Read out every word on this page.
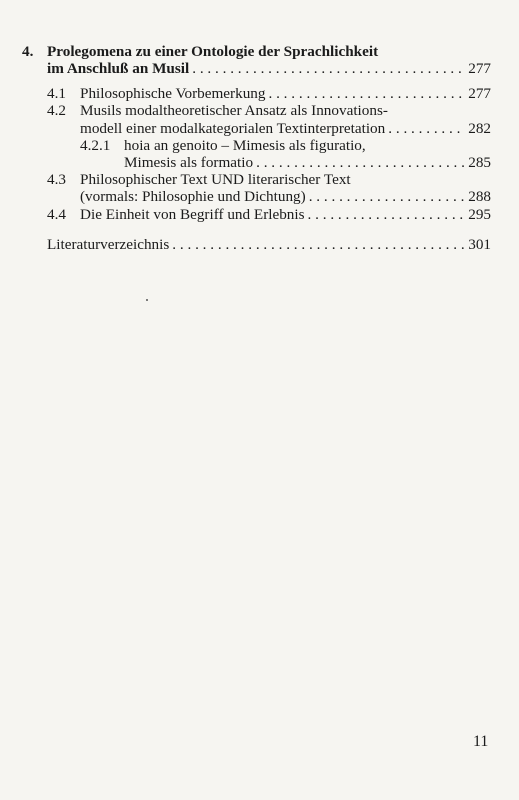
4. Prolegomena zu einer Ontologie der Sprachlichkeit
im Anschluß an Musil . . .	277
4.1 Philosophische Vorbemerkung . . .	277
4.2 Musils modaltheoretischer Ansatz als Innovations-
modell einer modalkategorialen Textinterpretation . . .	282
4.2.1 hoia an genoito – Mimesis als figuratio,
Mimesis als formatio . . .	285
4.3 Philosophischer Text UND literarischer Text
(vormals: Philosophie und Dichtung) . . .	288
4.4 Die Einheit von Begriff und Erlebnis . . .	295
Literaturverzeichnis . . .	301
11
